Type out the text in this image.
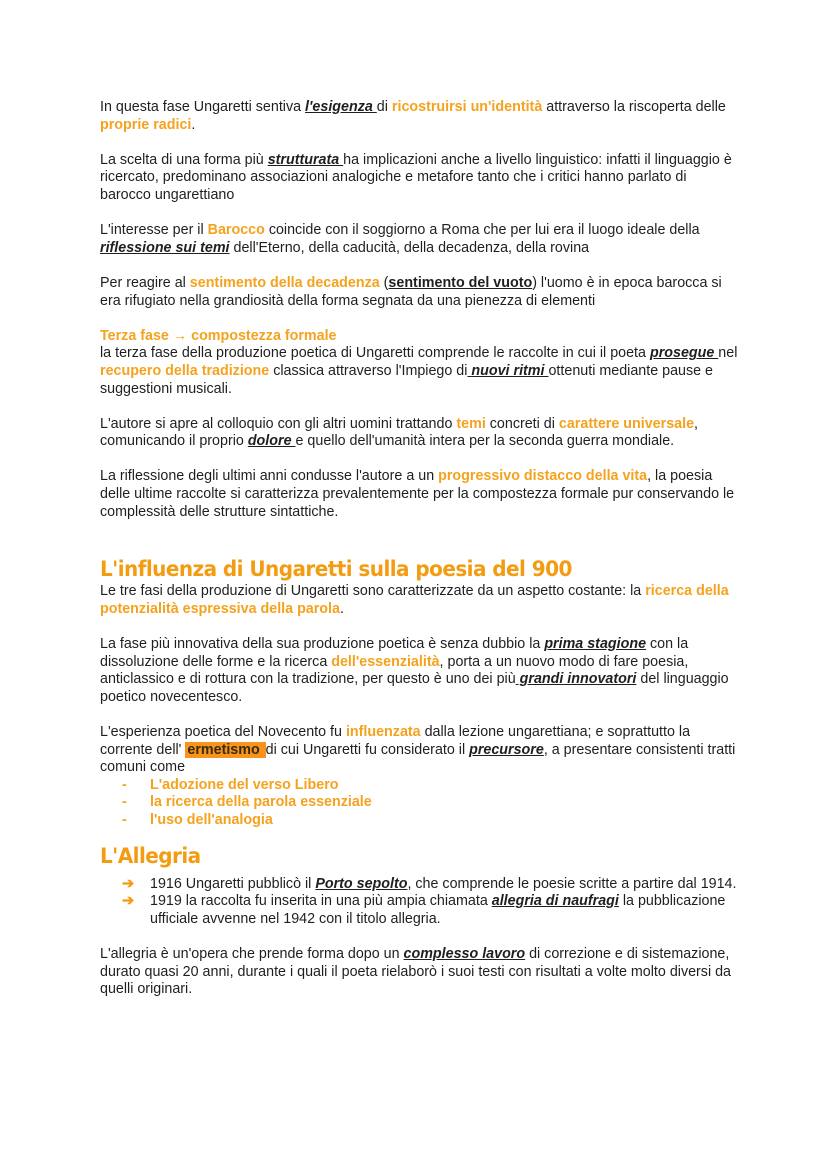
In questa fase Ungaretti sentiva l'esigenza di ricostruirsi un'identità attraverso la riscoperta delle proprie radici.

La scelta di una forma più strutturata ha implicazioni anche a livello linguistico: infatti il linguaggio è ricercato, predominano associazioni analogiche e metafore tanto che i critici hanno parlato di barocco ungarettiano

L'interesse per il Barocco coincide con il soggiorno a Roma che per lui era il luogo ideale della riflessione sui temi dell'Eterno, della caducità, della decadenza, della rovina

Per reagire al sentimento della decadenza (sentimento del vuoto) l'uomo è in epoca barocca si era rifugiato nella grandiosità della forma segnata da una pienezza di elementi

Terza fase → compostezza formale
la terza fase della produzione poetica di Ungaretti comprende le raccolte in cui il poeta prosegue nel recupero della tradizione classica attraverso l'Impiego di nuovi ritmi ottenuti mediante pause e suggestioni musicali.

L'autore si apre al colloquio con gli altri uomini trattando temi concreti di carattere universale, comunicando il proprio dolore e quello dell'umanità intera per la seconda guerra mondiale.

La riflessione degli ultimi anni condusse l'autore a un progressivo distacco della vita, la poesia delle ultime raccolte si caratterizza prevalentemente per la compostezza formale pur conservando le complessità delle strutture sintattiche.

L'influenza di Ungaretti sulla poesia del 900

Le tre fasi della produzione di Ungaretti sono caratterizzate da un aspetto costante: la ricerca della potenzialità espressiva della parola.

La fase più innovativa della sua produzione poetica è senza dubbio la prima stagione con la dissoluzione delle forme e la ricerca dell'essenzialità, porta a un nuovo modo di fare poesia, anticlassico e di rottura con la tradizione, per questo è uno dei più grandi innovatori del linguaggio poetico novecentesco.

L'esperienza poetica del Novecento fu influenzata dalla lezione ungarettiana; e soprattutto la corrente dell' ermetismo di cui Ungaretti fu considerato il precursore, a presentare consistenti tratti comuni come

- L'adozione del verso Libero
- la ricerca della parola essenziale
- l'uso dell'analogia
L'Allegria
➔ 1916 Ungaretti pubblicò il Porto sepolto, che comprende le poesie scritte a partire dal 1914.
➔ 1919 la raccolta fu inserita in una più ampia chiamata allegria di naufragi la pubblicazione ufficiale avvenne nel 1942 con il titolo allegria.

L'allegria è un'opera che prende forma dopo un complesso lavoro di correzione e di sistemazione, durato quasi 20 anni, durante i quali il poeta rielaborò i suoi testi con risultati a volte molto diversi da quelli originari.
